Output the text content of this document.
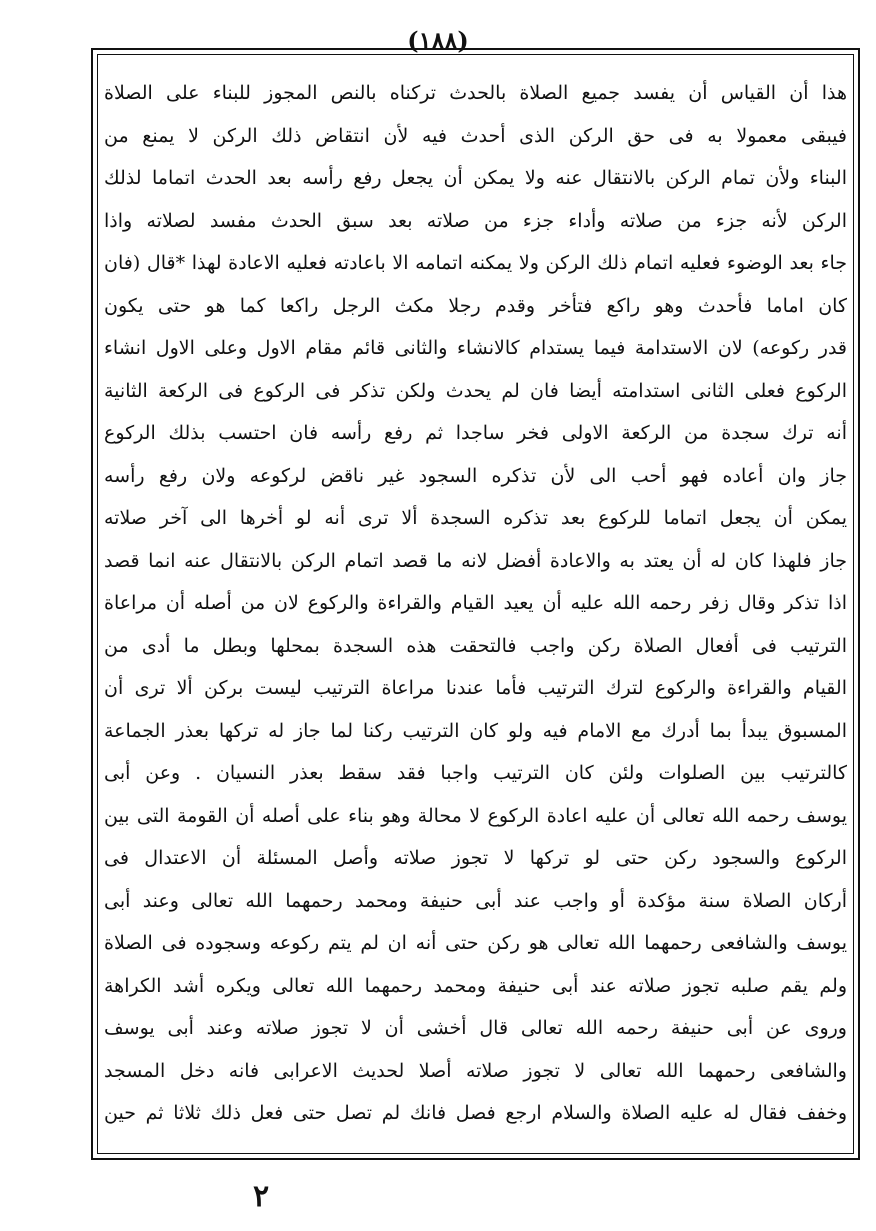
(١٨٨)
هذا أن القياس أن يفسد جميع الصلاة بالحدث تركناه بالنص المجوز للبناء على الصلاة
فيبقى معمولا به فى حق الركن الذى أحدث فيه لأن انتقاض ذلك الركن لا يمنع من
البناء ولأن تمام الركن بالانتقال عنه ولا يمكن أن يجعل رفع رأسه بعد الحدث اتماما لذلك
الركن لأنه جزء من صلاته وأداء جزء من صلاته بعد سبق الحدث مفسد لصلاته واذا
جاء بعد الوضوء فعليه اتمام ذلك الركن ولا يمكنه اتمامه الا باعادته فعليه الاعادة لهذا *قال (فان
كان اماما فأحدث وهو راكع فتأخر وقدم رجلا مكث الرجل راكعا كما هو حتى يكون
قدر ركوعه) لان الاستدامة فيما يستدام كالانشاء والثانى قائم مقام الاول وعلى الاول انشاء
الركوع فعلى الثانى استدامته أيضا فان لم يحدث ولكن تذكر فى الركوع فى الركعة الثانية
أنه ترك سجدة من الركعة الاولى فخر ساجدا ثم رفع رأسه فان احتسب بذلك الركوع
جاز وان أعاده فهو أحب الى لأن تذكره السجود غير ناقض لركوعه ولان رفع رأسه
يمكن أن يجعل اتماما للركوع بعد تذكره السجدة ألا ترى أنه لو أخرها الى آخر صلاته
جاز فلهذا كان له أن يعتد به والاعادة أفضل لانه ما قصد اتمام الركن بالانتقال عنه انما قصد
اذا تذكر وقال زفر رحمه الله عليه أن يعيد القيام والقراءة والركوع لان من أصله أن مراعاة
الترتيب فى أفعال الصلاة ركن واجب فالتحقت هذه السجدة بمحلها وبطل ما أدى من
القيام والقراءة والركوع لترك الترتيب فأما عندنا مراعاة الترتيب ليست بركن ألا ترى أن
المسبوق يبدأ بما أدرك مع الامام فيه ولو كان الترتيب ركنا لما جاز له تركها بعذر الجماعة
كالترتيب بين الصلوات ولئن كان الترتيب واجبا فقد سقط بعذر النسيان . وعن أبى
يوسف رحمه الله تعالى أن عليه اعادة الركوع لا محالة وهو بناء على أصله أن القومة التى بين
الركوع والسجود ركن حتى لو تركها لا تجوز صلاته وأصل المسئلة أن الاعتدال فى
أركان الصلاة سنة مؤكدة أو واجب عند أبى حنيفة ومحمد رحمهما الله تعالى وعند أبى
يوسف والشافعى رحمهما الله تعالى هو ركن حتى أنه ان لم يتم ركوعه وسجوده فى الصلاة
ولم يقم صلبه تجوز صلاته عند أبى حنيفة ومحمد رحمهما الله تعالى ويكره أشد الكراهة
وروى عن أبى حنيفة رحمه الله تعالى قال أخشى أن لا تجوز صلاته وعند أبى يوسف
والشافعى رحمهما الله تعالى لا تجوز صلاته أصلا لحديث الاعرابى فانه دخل المسجد
وخفف فقال له عليه الصلاة والسلام ارجع فصل فانك لم تصل حتى فعل ذلك ثلاثا ثم حين
٢
